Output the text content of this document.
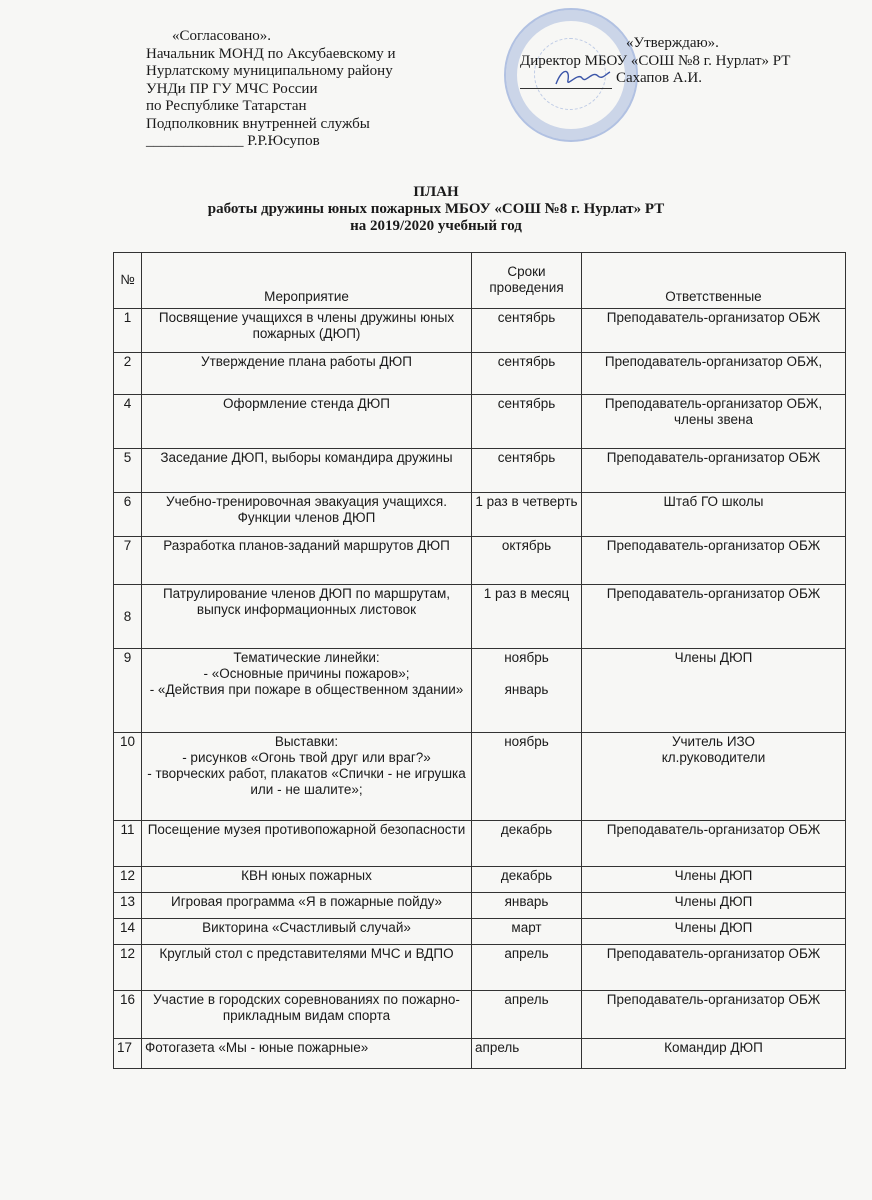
«Согласовано».
Начальник МОНД по Аксубаевскому и
Нурлатскому муниципальному району
УНДи ПР ГУ МЧС России
по Республике Татарстан
Подполковник внутренней службы
_____________ Р.Р.Юсупов
«Утверждаю».
Директор МБОУ «СОШ №8 г. Нурлат» РТ
Сахапов А.И.
ПЛАН
работы дружины юных пожарных МБОУ «СОШ №8 г. Нурлат» РТ
на 2019/2020 учебный год
№	Мероприятие	Сроки проведения	Ответственные
1	Посвящение учащихся в члены дружины юных пожарных (ДЮП)	сентябрь	Преподаватель-организатор ОБЖ
2	Утверждение плана работы ДЮП	сентябрь	Преподаватель-организатор ОБЖ,
4	Оформление стенда ДЮП	сентябрь	Преподаватель-организатор ОБЖ, члены звена
5	Заседание ДЮП, выборы командира дружины	сентябрь	Преподаватель-организатор ОБЖ
6	Учебно-тренировочная эвакуация учащихся. Функции членов ДЮП	1 раз в четверть	Штаб ГО школы
7	Разработка планов-заданий маршрутов ДЮП	октябрь	Преподаватель-организатор ОБЖ
8	Патрулирование членов ДЮП по маршрутам, выпуск информационных листовок	1 раз в месяц	Преподаватель-организатор ОБЖ
9	Тематические линейки:
- «Основные причины пожаров»;
- «Действия при пожаре в общественном здании»	ноябрь

январь	Члены ДЮП
10	Выставки:
- рисунков «Огонь твой друг или враг?»
- творческих работ, плакатов «Спички - не игрушка или - не шалите»;	ноябрь	Учитель ИЗО
кл.руководители
11	Посещение музея противопожарной безопасности	декабрь	Преподаватель-организатор ОБЖ
12	КВН юных пожарных	декабрь	Члены ДЮП
13	Игровая программа «Я в пожарные пойду»	январь	Члены ДЮП
14	Викторина «Счастливый случай»	март	Члены ДЮП
12	Круглый стол с представителями МЧС и ВДПО	апрель	Преподаватель-организатор ОБЖ
16	Участие в городских соревнованиях по пожарно-прикладным видам спорта	апрель	Преподаватель-организатор ОБЖ
17	Фотогазета «Мы - юные пожарные»	апрель	Командир ДЮП
